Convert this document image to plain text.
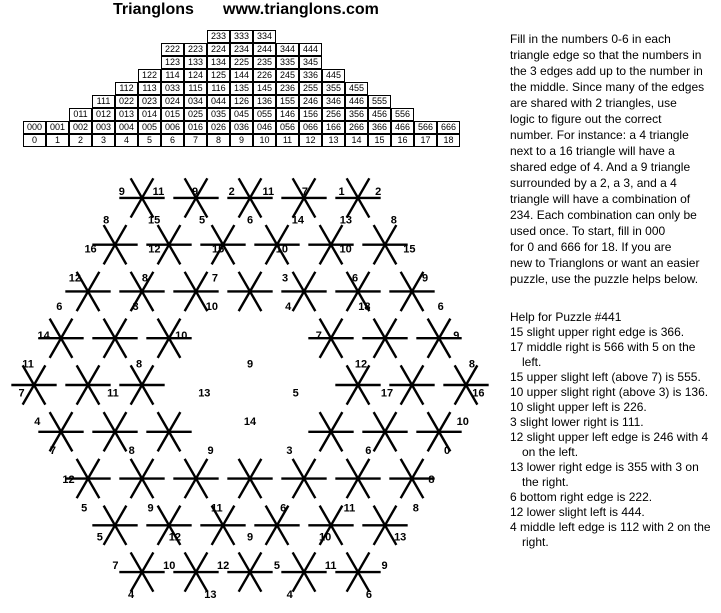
Trianglons www.trianglons.com
233 333 334
222 223 224 234 244 344 444
123 133 134 225 235 335 345
122 114 124 125 144 226 245 336 445
112 113 033 115 116 135 145 236 255 355 455
111 022 023 024 034 044 126 136 155 246 346 446 555
011 012 013 014 015 025 035 045 055 146 156 256 356 456 556
000 001 002 003 004 005 006 016 026 036 046 056 066 166 266 366 466 566 666
0	1	2	3	4	5	6	7	8	9	10	11	12	13	14	15	16	17	18

Fill in the numbers 0-6 in each

triangle edge so that the numbers in

the 3 edges add up to the number in

the middle. Since many of the edges

are shared with 2 triangles, use

logic to figure out the correct

number. For instance: a 4 triangle

next to a 16 triangle will have a

shared edge of 4. And a 9 triangle

surrounded by a 2, a 3, and a 4

triangle will have a combination of

234. Each combination can only be

used once. To start, fill in 000

for 0 and 666 for 18. If you are

new to Trianglons or want an easier

puzzle, use the puzzle helps below.

Help for Puzzle #441

15 slight upper right edge is 366.
17 middle right is 566 with 5 on the left.
15 upper slight left (above 7) is 555.
10 upper slight right (above 3) is 136.
10 slight upper left is 226.
3 slight lower right is 111.
12 slight upper left edge is 246 with 4 on the left.
13 lower right edge is 355 with 3 on the right.
6 bottom right edge is 222.
12 lower slight left is 444.
4 middle left edge is 112 with 2 on the right.
9	11	9	2	11	7	1	2
8	15	5	6	14	13	8
16	12	15	10	10	15
12	8	7	3	6	9
6	3	10	4	18	6
14	10	7	9
11	8	9	12	8
7	11	13	5	17	16
4	14	10
7	8	9	3	6	0
12	8
5	9	11	6	11	8
5	12	9	10	13
7	10	12	5	11	9
4	13	4	6
